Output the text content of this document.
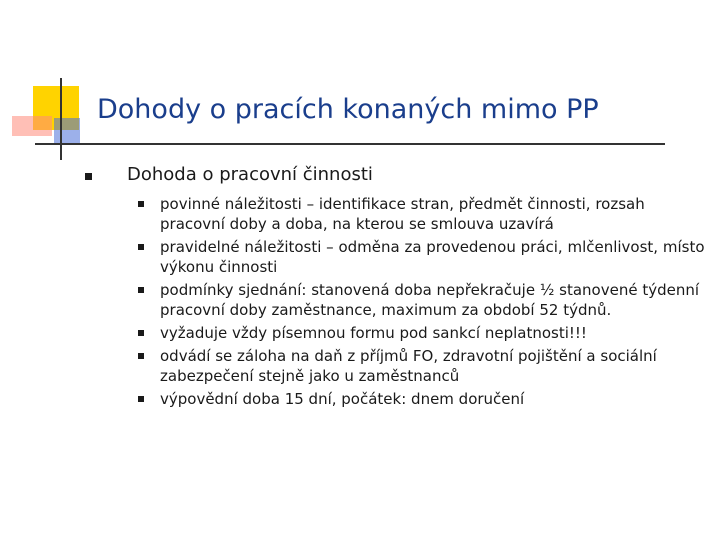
Dohody o pracích konaných mimo PP
Dohoda o pracovní činnosti
povinné náležitosti – identifikace stran, předmět činnosti, rozsah pracovní doby a doba, na kterou se smlouva uzavírá
pravidelné náležitosti – odměna za provedenou práci, mlčenlivost, místo výkonu činnosti
podmínky sjednání: stanovená doba nepřekračuje ½ stanovené týdenní pracovní doby zaměstnance, maximum za období 52 týdnů.
vyžaduje vždy písemnou formu pod sankcí neplatnosti!!!
odvádí se záloha na daň z příjmů FO, zdravotní pojištění a sociální zabezpečení stejně jako u zaměstnanců
výpovědní doba 15 dní, počátek: dnem doručení
